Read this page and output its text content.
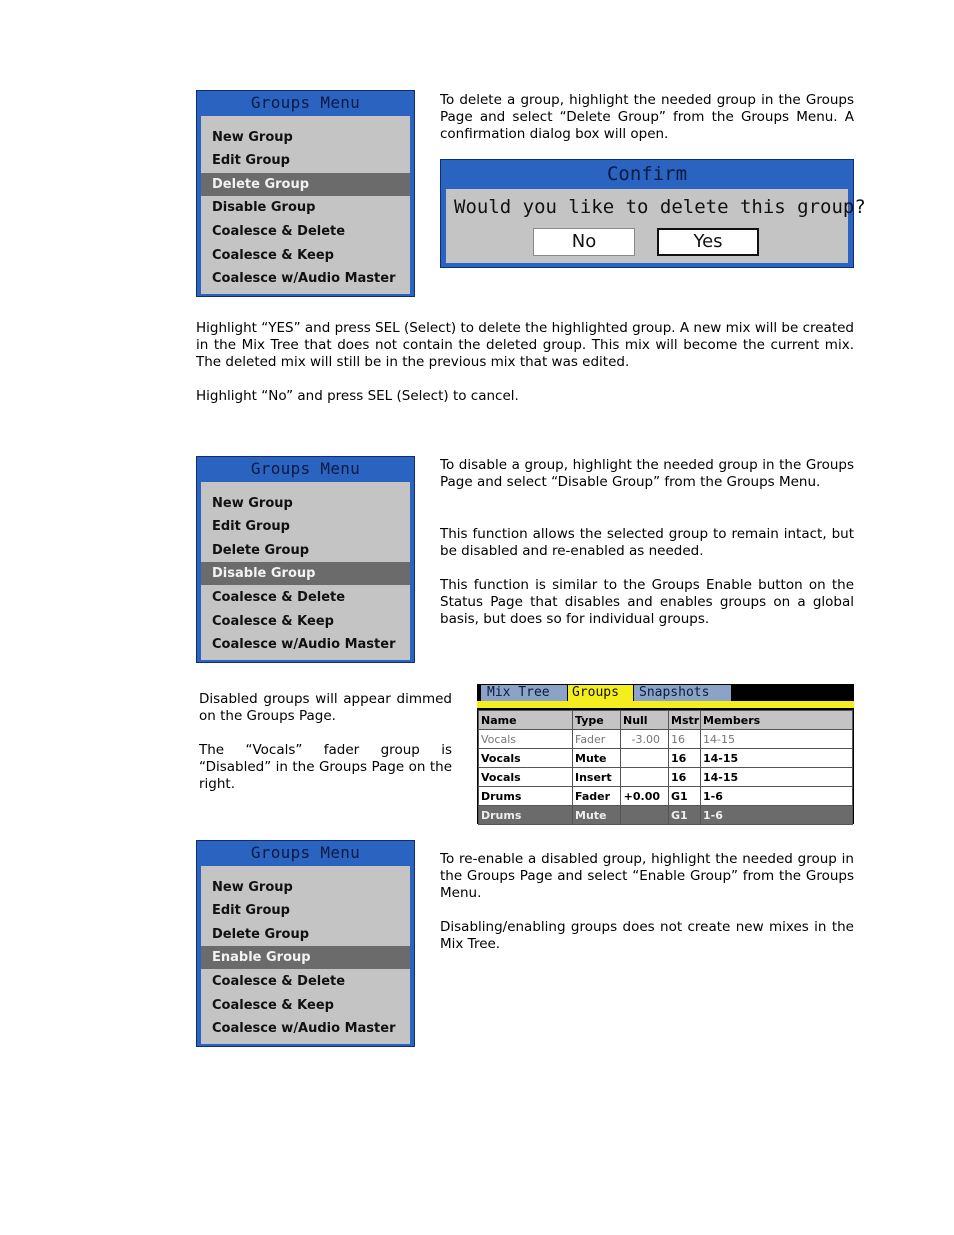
Groups Menu
New Group
Edit Group
Delete Group
Disable Group
Coalesce & Delete
Coalesce & Keep
Coalesce w/Audio Master

To delete a group, highlight the needed group in the Groups Page and select “Delete Group” from the Groups Menu. A confirmation dialog box will open.

Confirm
Would you like to delete this group?
No	Yes

Highlight “YES” and press SEL (Select) to delete the highlighted group. A new mix will be created in the Mix Tree that does not contain the deleted group. This mix will become the current mix. The deleted mix will still be in the previous mix that was edited.

Highlight “No” and press SEL (Select) to cancel.

Groups Menu
New Group
Edit Group
Delete Group
Disable Group
Coalesce & Delete
Coalesce & Keep
Coalesce w/Audio Master

To disable a group, highlight the needed group in the Groups Page and select “Disable Group” from the Groups Menu.

This function allows the selected group to remain intact, but be disabled and re-enabled as needed.

This function is similar to the Groups Enable button on the Status Page that disables and enables groups on a global basis, but does so for individual groups.

Disabled groups will appear dimmed on the Groups Page.

The “Vocals” fader group is “Disabled” in the Groups Page on the right.

Mix Tree	Groups	Snapshots
Name	Type	Null	Mstr	Members
Vocals	Fader	-3.00	16	14-15
Vocals	Mute		16	14-15
Vocals	Insert		16	14-15
Drums	Fader	+0.00	G1	1-6
Drums	Mute		G1	1-6
Groups Menu
New Group
Edit Group
Delete Group
Enable Group
Coalesce & Delete
Coalesce & Keep
Coalesce w/Audio Master

To re-enable a disabled group, highlight the needed group in the Groups Page and select “Enable Group” from the Groups Menu.

Disabling/enabling groups does not create new mixes in the Mix Tree.
